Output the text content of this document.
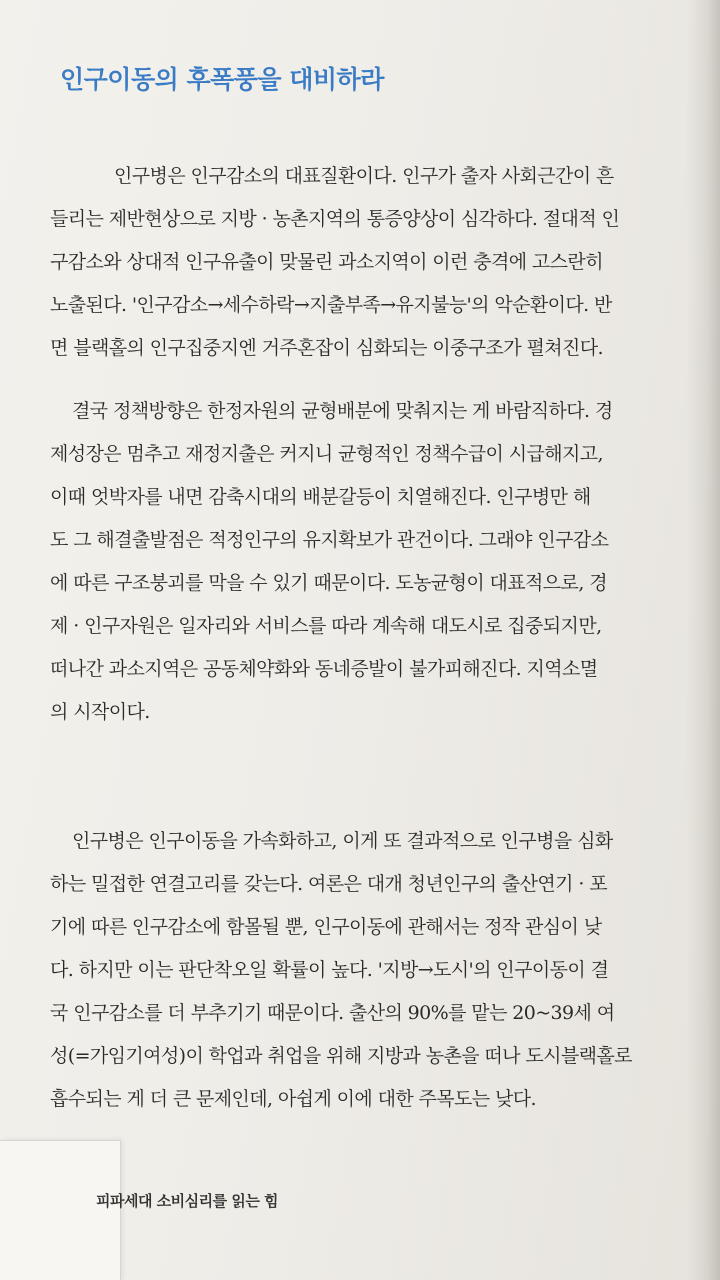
인구이동의 후폭풍을 대비하라
인구병은 인구감소의 대표질환이다. 인구가 출자 사회근간이 흔
들리는 제반현상으로 지방 · 농촌지역의 통증양상이 심각하다. 절대적 인
구감소와 상대적 인구유출이 맞물린 과소지역이 이런 충격에 고스란히
노출된다. '인구감소→세수하락→지출부족→유지불능'의 악순환이다. 반
면 블랙홀의 인구집중지엔 거주혼잡이 심화되는 이중구조가 펼쳐진다.
결국 정책방향은 한정자원의 균형배분에 맞춰지는 게 바람직하다. 경
제성장은 멈추고 재정지출은 커지니 균형적인 정책수급이 시급해지고,
이때 엇박자를 내면 감축시대의 배분갈등이 치열해진다. 인구병만 해
도 그 해결출발점은 적정인구의 유지확보가 관건이다. 그래야 인구감소
에 따른 구조붕괴를 막을 수 있기 때문이다. 도농균형이 대표적으로, 경
제 · 인구자원은 일자리와 서비스를 따라 계속해 대도시로 집중되지만,
떠나간 과소지역은 공동체약화와 동네증발이 불가피해진다. 지역소멸
의 시작이다.
인구병은 인구이동을 가속화하고, 이게 또 결과적으로 인구병을 심화
하는 밀접한 연결고리를 갖는다. 여론은 대개 청년인구의 출산연기 · 포
기에 따른 인구감소에 함몰될 뿐, 인구이동에 관해서는 정작 관심이 낮
다. 하지만 이는 판단착오일 확률이 높다. '지방→도시'의 인구이동이 결
국 인구감소를 더 부추기기 때문이다. 출산의 90%를 맡는 20~39세 여
성(=가임기여성)이 학업과 취업을 위해 지방과 농촌을 떠나 도시블랙홀로
흡수되는 게 더 큰 문제인데, 아쉽게 이에 대한 주목도는 낮다.

피파세대 소비심리를 읽는 힘
